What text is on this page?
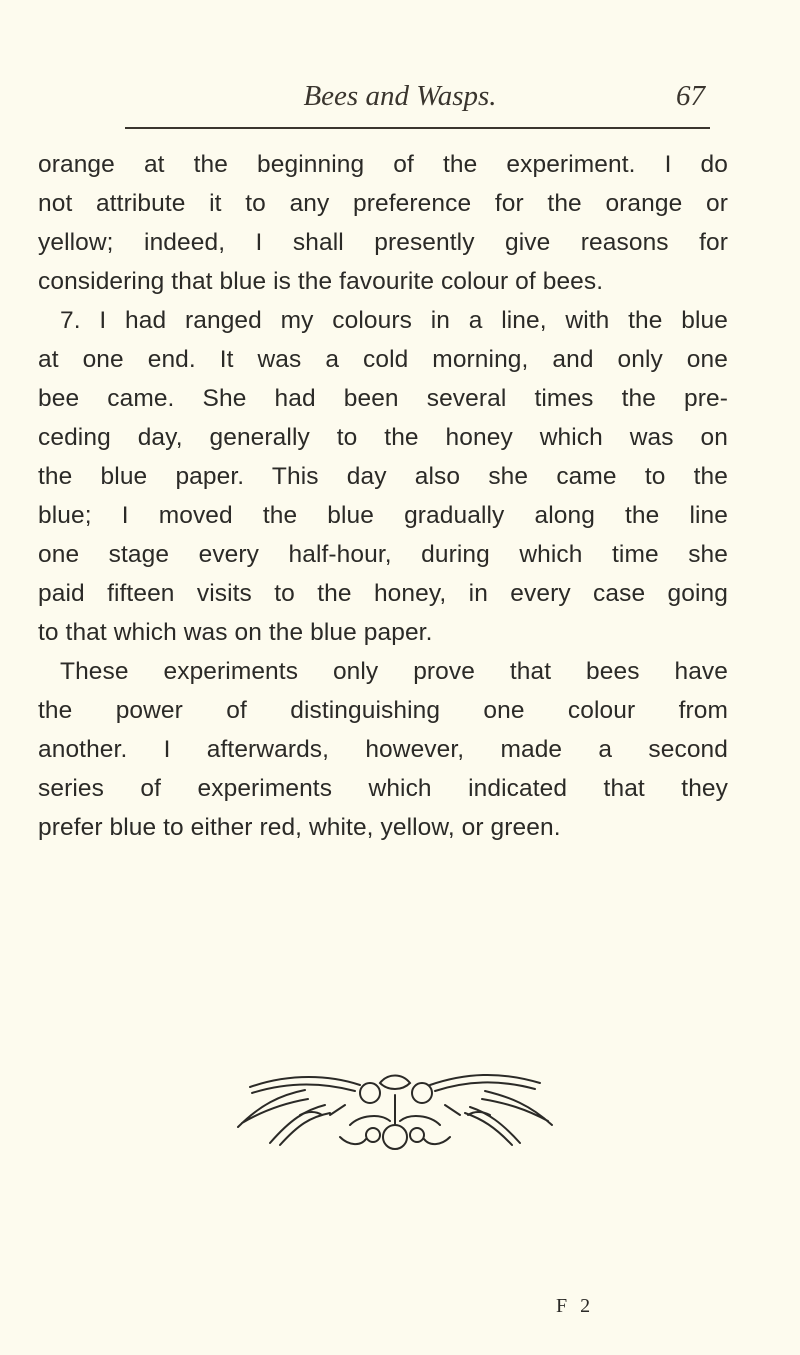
Bees and Wasps.	67
orange at the beginning of the experiment. I do
not attribute it to any preference for the orange or
yellow; indeed, I shall presently give reasons for
considering that blue is the favourite colour of bees.
7. I had ranged my colours in a line, with the blue
at one end. It was a cold morning, and only one
bee came. She had been several times the pre-
ceding day, generally to the honey which was on
the blue paper. This day also she came to the
blue; I moved the blue gradually along the line
one stage every half-hour, during which time she
paid fifteen visits to the honey, in every case going
to that which was on the blue paper.
These experiments only prove that bees have
the power of distinguishing one colour from
another. I afterwards, however, made a second
series of experiments which indicated that they
prefer blue to either red, white, yellow, or green.
F 2
